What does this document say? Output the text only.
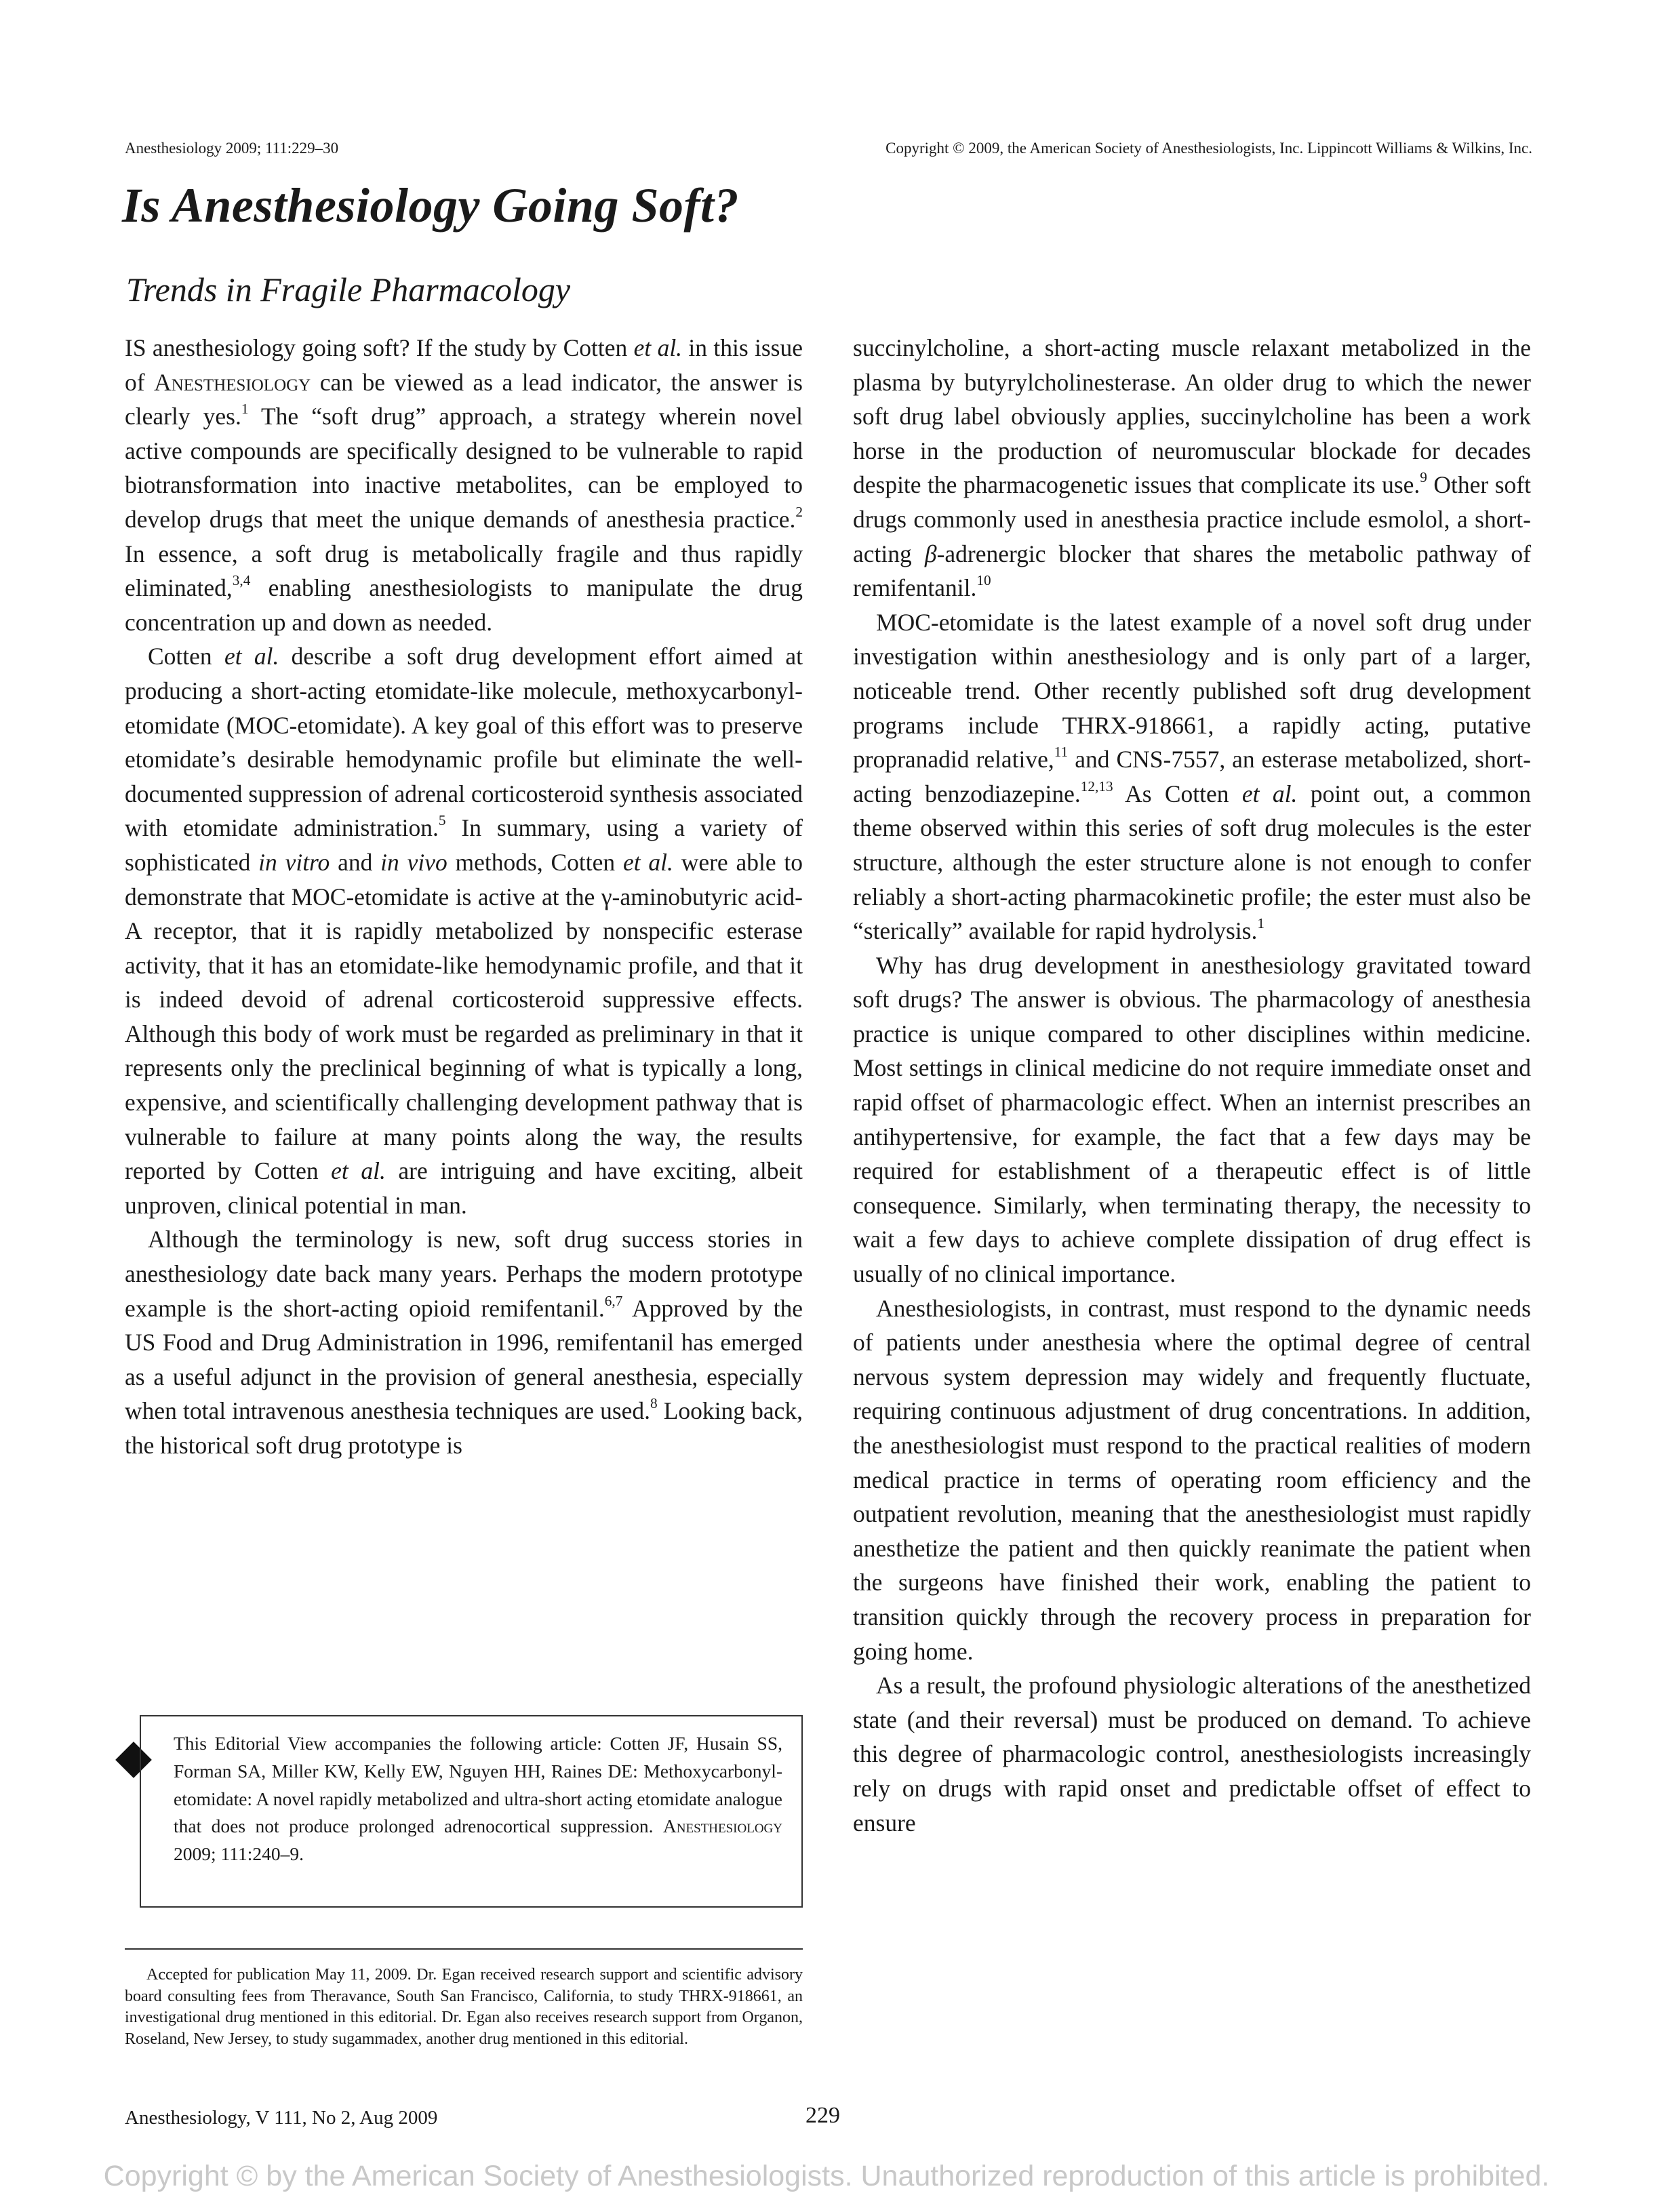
Anesthesiology 2009; 111:229–30	Copyright © 2009, the American Society of Anesthesiologists, Inc. Lippincott Williams & Wilkins, Inc.
Is Anesthesiology Going Soft?
Trends in Fragile Pharmacology

IS anesthesiology going soft? If the study by Cotten et al. in this issue of Anesthesiology can be viewed as a lead indicator, the answer is clearly yes.$^1$ The “soft drug” approach, a strategy wherein novel active compounds are specifically designed to be vulnerable to rapid biotransformation into inactive metabolites, can be employed to develop drugs that meet the unique demands of anesthesia practice.$^2$ In essence, a soft drug is metabolically fragile and thus rapidly eliminated,$^{3,4}$ enabling anesthesiologists to manipulate the drug concentration up and down as needed.

Cotten et al. describe a soft drug development effort aimed at producing a short-acting etomidate-like molecule, methoxycarbonyl-etomidate (MOC-etomidate). A key goal of this effort was to preserve etomidate’s desirable hemodynamic profile but eliminate the well-documented suppression of adrenal corticosteroid synthesis associated with etomidate administration.$^5$ In summary, using a variety of sophisticated in vitro and in vivo methods, Cotten et al. were able to demonstrate that MOC-etomidate is active at the γ-aminobutyric acid-A receptor, that it is rapidly metabolized by nonspecific esterase activity, that it has an etomidate-like hemodynamic profile, and that it is indeed devoid of adrenal corticosteroid suppressive effects. Although this body of work must be regarded as preliminary in that it represents only the preclinical beginning of what is typically a long, expensive, and scientifically challenging development pathway that is vulnerable to failure at many points along the way, the results reported by Cotten et al. are intriguing and have exciting, albeit unproven, clinical potential in man.

Although the terminology is new, soft drug success stories in anesthesiology date back many years. Perhaps the modern prototype example is the short-acting opioid remifentanil.$^{6,7}$ Approved by the US Food and Drug Administration in 1996, remifentanil has emerged as a useful adjunct in the provision of general anesthesia, especially when total intravenous anesthesia techniques are used.$^8$ Looking back, the historical soft drug prototype is

This Editorial View accompanies the following article: Cotten JF, Husain SS, Forman SA, Miller KW, Kelly EW, Nguyen HH, Raines DE: Methoxycarbonyl-etomidate: A novel rapidly metabolized and ultra-short acting etomidate analogue that does not produce prolonged adrenocortical suppression. Anesthesiology 2009; 111:240–9.
Accepted for publication May 11, 2009. Dr. Egan received research support and scientific advisory board consulting fees from Theravance, South San Francisco, California, to study THRX-918661, an investigational drug mentioned in this editorial. Dr. Egan also receives research support from Organon, Roseland, New Jersey, to study sugammadex, another drug mentioned in this editorial.

succinylcholine, a short-acting muscle relaxant metabolized in the plasma by butyrylcholinesterase. An older drug to which the newer soft drug label obviously applies, succinylcholine has been a work horse in the production of neuromuscular blockade for decades despite the pharmacogenetic issues that complicate its use.$^9$ Other soft drugs commonly used in anesthesia practice include esmolol, a short-acting β-adrenergic blocker that shares the metabolic pathway of remifentanil.$^{10}$

MOC-etomidate is the latest example of a novel soft drug under investigation within anesthesiology and is only part of a larger, noticeable trend. Other recently published soft drug development programs include THRX-918661, a rapidly acting, putative propranadid relative,$^{11}$ and CNS-7557, an esterase metabolized, short-acting benzodiazepine.$^{12,13}$ As Cotten et al. point out, a common theme observed within this series of soft drug molecules is the ester structure, although the ester structure alone is not enough to confer reliably a short-acting pharmacokinetic profile; the ester must also be “sterically” available for rapid hydrolysis.$^1$

Why has drug development in anesthesiology gravitated toward soft drugs? The answer is obvious. The pharmacology of anesthesia practice is unique compared to other disciplines within medicine. Most settings in clinical medicine do not require immediate onset and rapid offset of pharmacologic effect. When an internist prescribes an antihypertensive, for example, the fact that a few days may be required for establishment of a therapeutic effect is of little consequence. Similarly, when terminating therapy, the necessity to wait a few days to achieve complete dissipation of drug effect is usually of no clinical importance.

Anesthesiologists, in contrast, must respond to the dynamic needs of patients under anesthesia where the optimal degree of central nervous system depression may widely and frequently fluctuate, requiring continuous adjustment of drug concentrations. In addition, the anesthesiologist must respond to the practical realities of modern medical practice in terms of operating room efficiency and the outpatient revolution, meaning that the anesthesiologist must rapidly anesthetize the patient and then quickly reanimate the patient when the surgeons have finished their work, enabling the patient to transition quickly through the recovery process in preparation for going home.

As a result, the profound physiologic alterations of the anesthetized state (and their reversal) must be produced on demand. To achieve this degree of pharmacologic control, anesthesiologists increasingly rely on drugs with rapid onset and predictable offset of effect to ensure

Anesthesiology, V 111, No 2, Aug 2009	229
Copyright © by the American Society of Anesthesiologists. Unauthorized reproduction of this article is prohibited.
